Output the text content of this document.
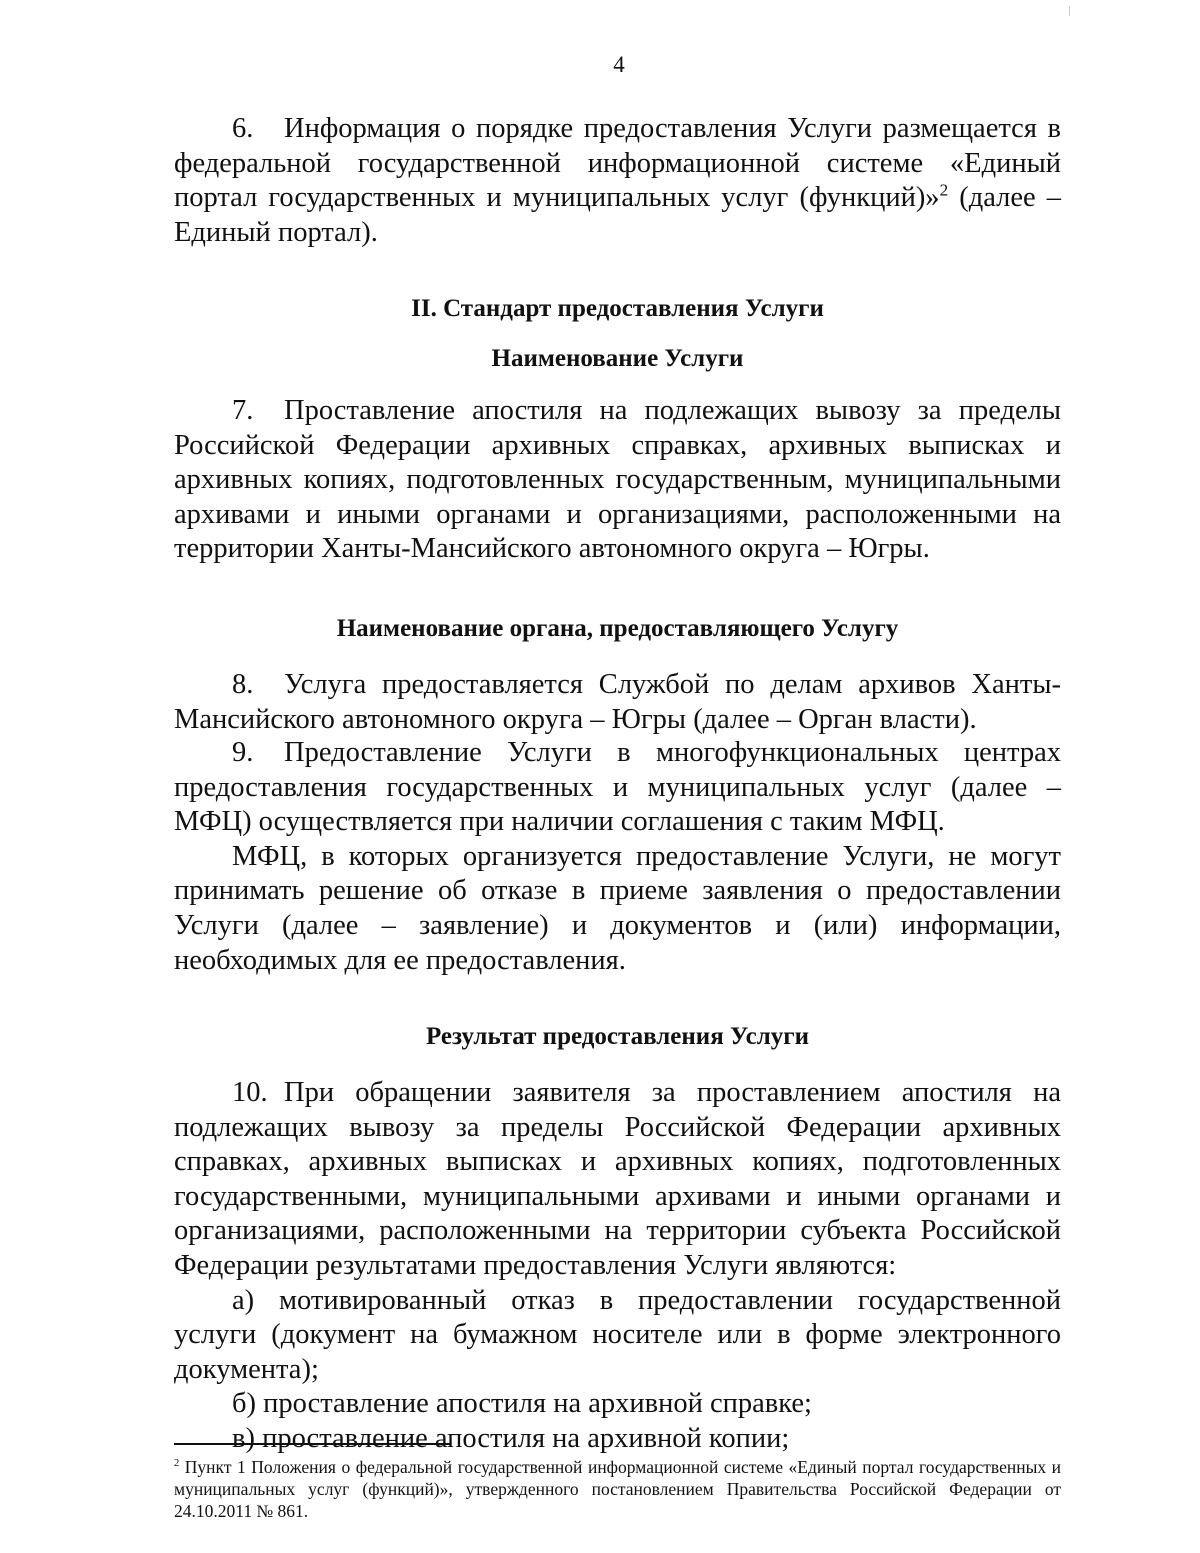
4

6. Информация о порядке предоставления Услуги размещается в федеральной государственной информационной системе «Единый портал государственных и муниципальных услуг (функций)»$^2$ (далее – Единый портал).

II. Стандарт предоставления Услуги

Наименование Услуги

7. Проставление апостиля на подлежащих вывозу за пределы Российской Федерации архивных справках, архивных выписках и архивных копиях, подготовленных государственным, муниципальными архивами и иными органами и организациями, расположенными на территории Ханты-Мансийского автономного округа – Югры.

Наименование органа, предоставляющего Услугу

8. Услуга предоставляется Службой по делам архивов Ханты-Мансийского автономного округа – Югры (далее – Орган власти).

9. Предоставление Услуги в многофункциональных центрах предоставления государственных и муниципальных услуг (далее – МФЦ) осуществляется при наличии соглашения с таким МФЦ.

МФЦ, в которых организуется предоставление Услуги, не могут принимать решение об отказе в приеме заявления о предоставлении Услуги (далее – заявление) и документов и (или) информации, необходимых для ее предоставления.

Результат предоставления Услуги

10. При обращении заявителя за проставлением апостиля на подлежащих вывозу за пределы Российской Федерации архивных справках, архивных выписках и архивных копиях, подготовленных государственными, муниципальными архивами и иными органами и организациями, расположенными на территории субъекта Российской Федерации результатами предоставления Услуги являются:

а) мотивированный отказ в предоставлении государственной услуги (документ на бумажном носителе или в форме электронного документа);

б) проставление апостиля на архивной справке;

в) проставление апостиля на архивной копии;

$^2$ Пункт 1 Положения о федеральной государственной информационной системе «Единый портал государственных и муниципальных услуг (функций)», утвержденного постановлением Правительства Российской Федерации от 24.10.2011 № 861.
